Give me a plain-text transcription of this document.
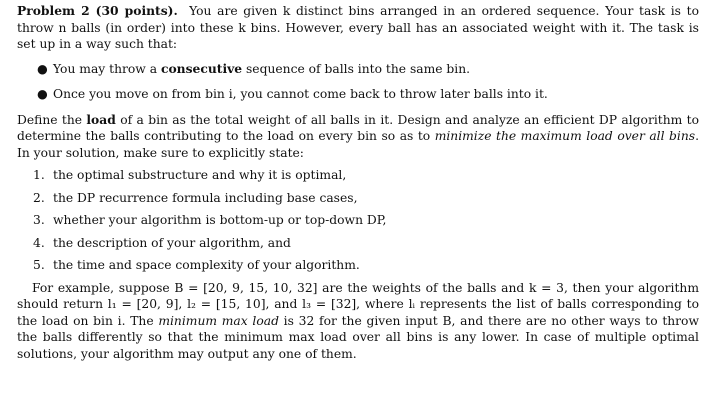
Problem 2 (30 points). You are given k distinct bins arranged in an ordered sequence. Your task is to throw n balls (in order) into these k bins. However, every ball has an associated weight with it. The task is set up in a way such that:

● You may throw a consecutive sequence of balls into the same bin.
● Once you move on from bin i, you cannot come back to throw later balls into it.

Define the load of a bin as the total weight of all balls in it. Design and analyze an efficient DP algorithm to determine the balls contributing to the load on every bin so as to minimize the maximum load over all bins. In your solution, make sure to explicitly state:

1. the optimal substructure and why it is optimal,
2. the DP recurrence formula including base cases,
3. whether your algorithm is bottom-up or top-down DP,
4. the description of your algorithm, and
5. the time and space complexity of your algorithm.

For example, suppose B = [20, 9, 15, 10, 32] are the weights of the balls and k = 3, then your algorithm should return l₁ = [20, 9], l₂ = [15, 10], and l₃ = [32], where lᵢ represents the list of balls corresponding to the load on bin i. The minimum max load is 32 for the given input B, and there are no other ways to throw the balls differently so that the minimum max load over all bins is any lower. In case of multiple optimal solutions, your algorithm may output any one of them.
